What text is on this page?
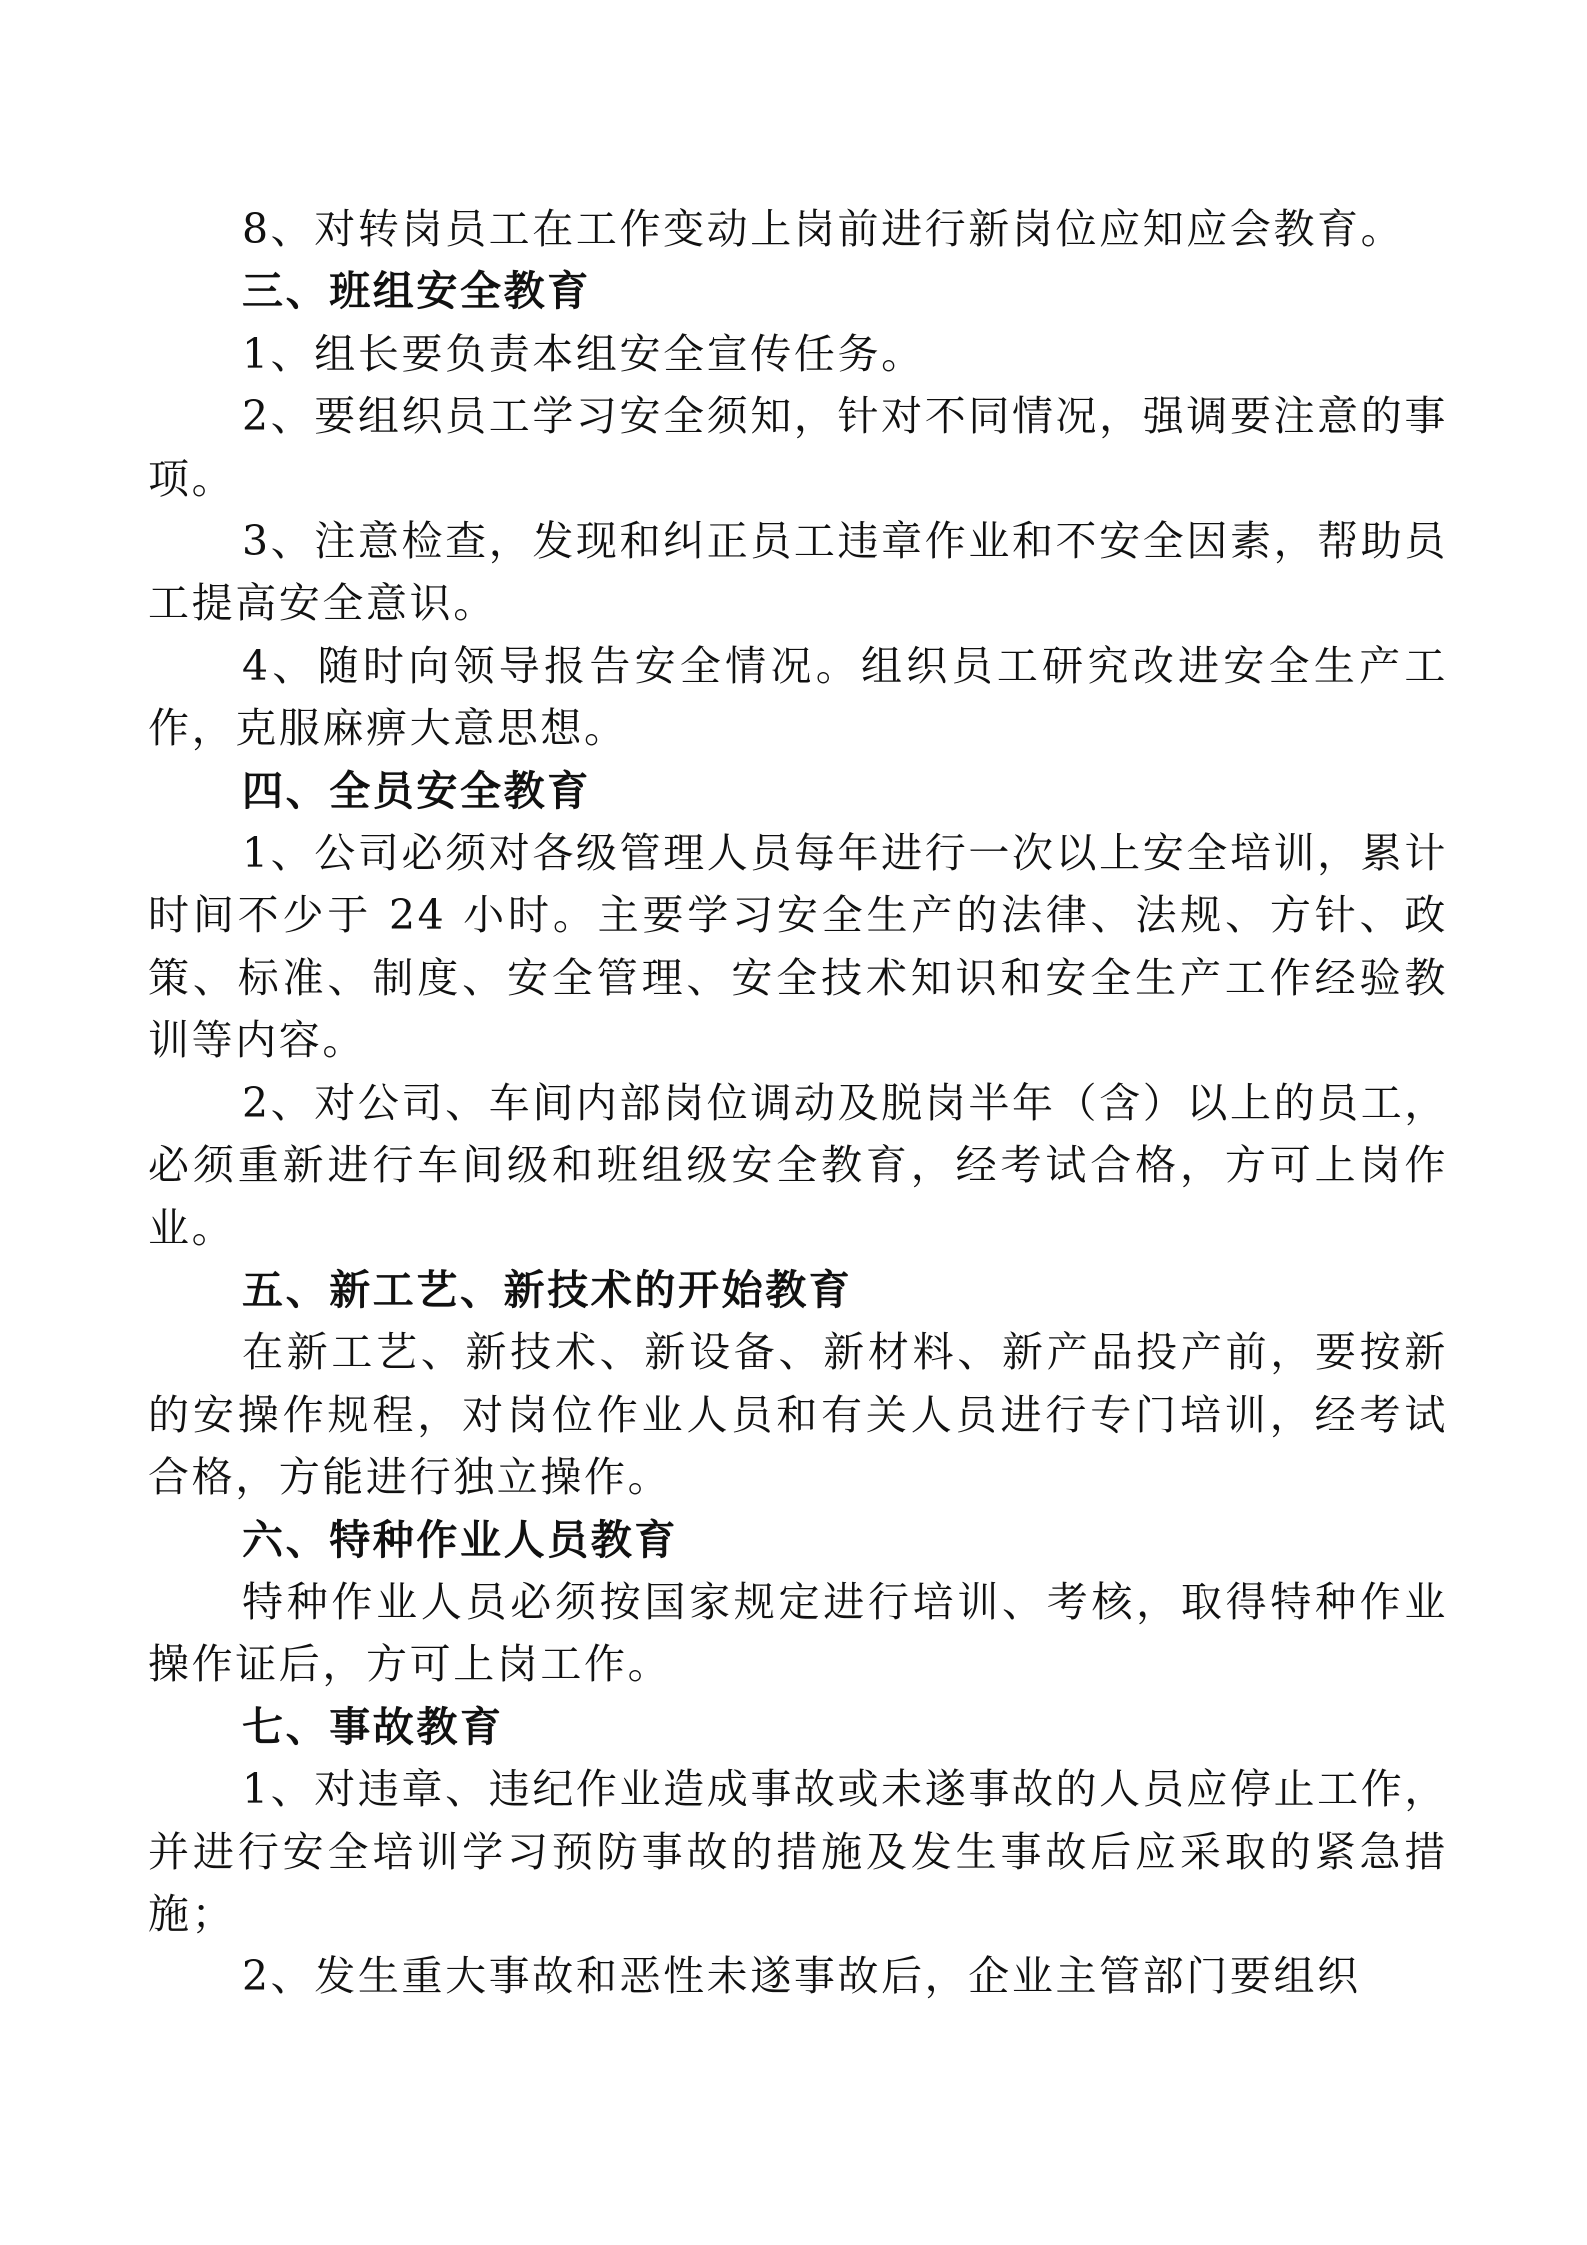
8、对转岗员工在工作变动上岗前进行新岗位应知应会教育。

三、班组安全教育

1、组长要负责本组安全宣传任务。

2、要组织员工学习安全须知，针对不同情况，强调要注意的事项。

3、注意检查，发现和纠正员工违章作业和不安全因素，帮助员工提高安全意识。

4、随时向领导报告安全情况。组织员工研究改进安全生产工作，克服麻痹大意思想。

四、全员安全教育

1、公司必须对各级管理人员每年进行一次以上安全培训，累计时间不少于 24 小时。主要学习安全生产的法律、法规、方针、政策、标准、制度、安全管理、安全技术知识和安全生产工作经验教训等内容。

2、对公司、车间内部岗位调动及脱岗半年（含）以上的员工，必须重新进行车间级和班组级安全教育，经考试合格，方可上岗作业。

五、新工艺、新技术的开始教育

在新工艺、新技术、新设备、新材料、新产品投产前，要按新的安操作规程，对岗位作业人员和有关人员进行专门培训，经考试合格，方能进行独立操作。

六、特种作业人员教育

特种作业人员必须按国家规定进行培训、考核，取得特种作业操作证后，方可上岗工作。

七、事故教育

1、对违章、违纪作业造成事故或未遂事故的人员应停止工作，并进行安全培训学习预防事故的措施及发生事故后应采取的紧急措施；

2、发生重大事故和恶性未遂事故后，企业主管部门要组织
